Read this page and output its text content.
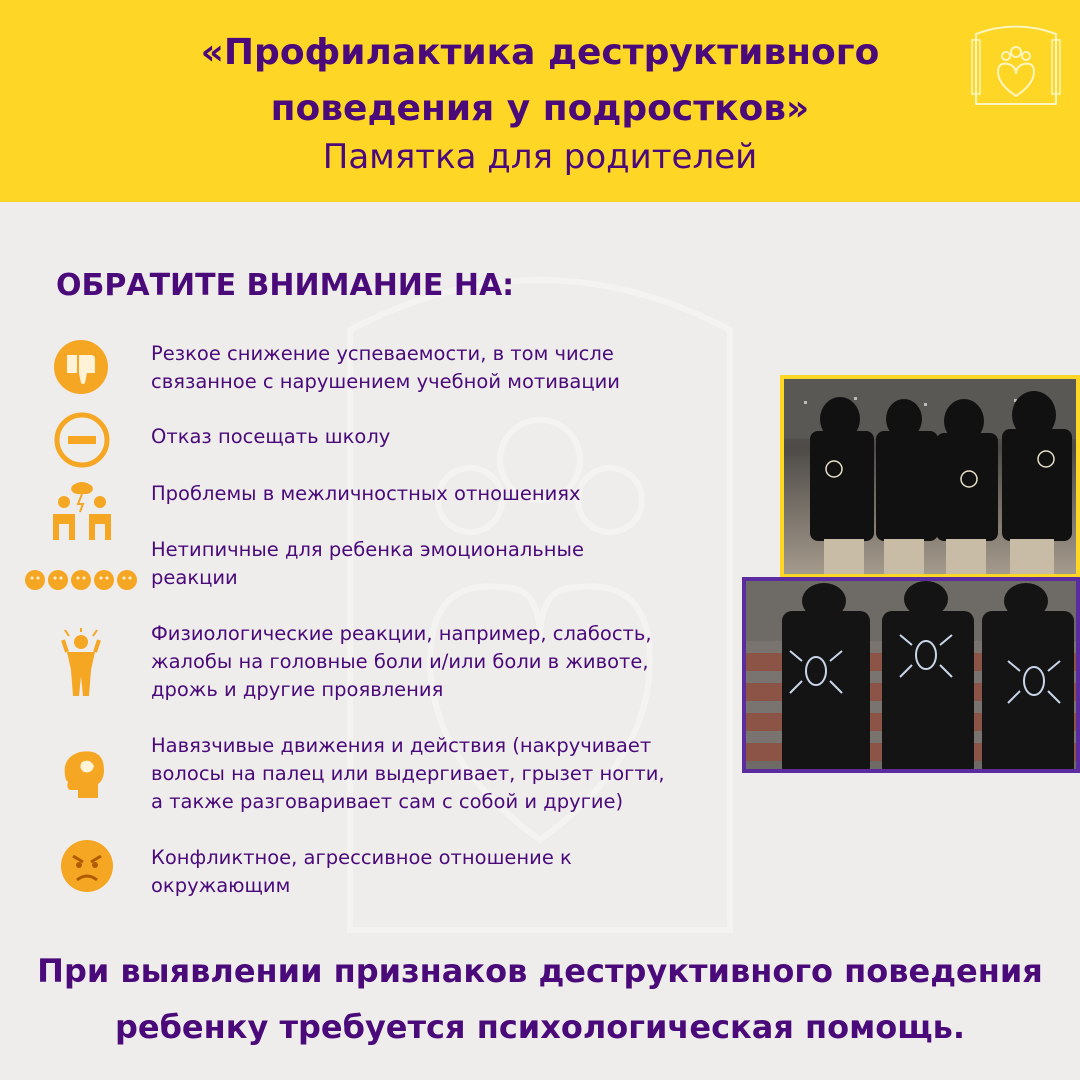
«Профилактика деструктивного
поведения у подростков»
Памятка для родителей
ОБРАТИТЕ ВНИМАНИЕ НА:
Резкое снижение успеваемости, в том числе
связанное с нарушением учебной мотивации
Отказ посещать школу
Проблемы в межличностных отношениях
Нетипичные для ребенка эмоциональные
реакции
Физиологические реакции, например, слабость,
жалобы на головные боли и/или боли в животе,
дрожь и другие проявления
Навязчивые движения и действия (накручивает
волосы на палец или выдергивает, грызет ногти,
а также разговаривает сам с собой и другие)
Конфликтное, агрессивное отношение к
окружающим
При выявлении признаков деструктивного поведения
ребенку требуется психологическая помощь.
